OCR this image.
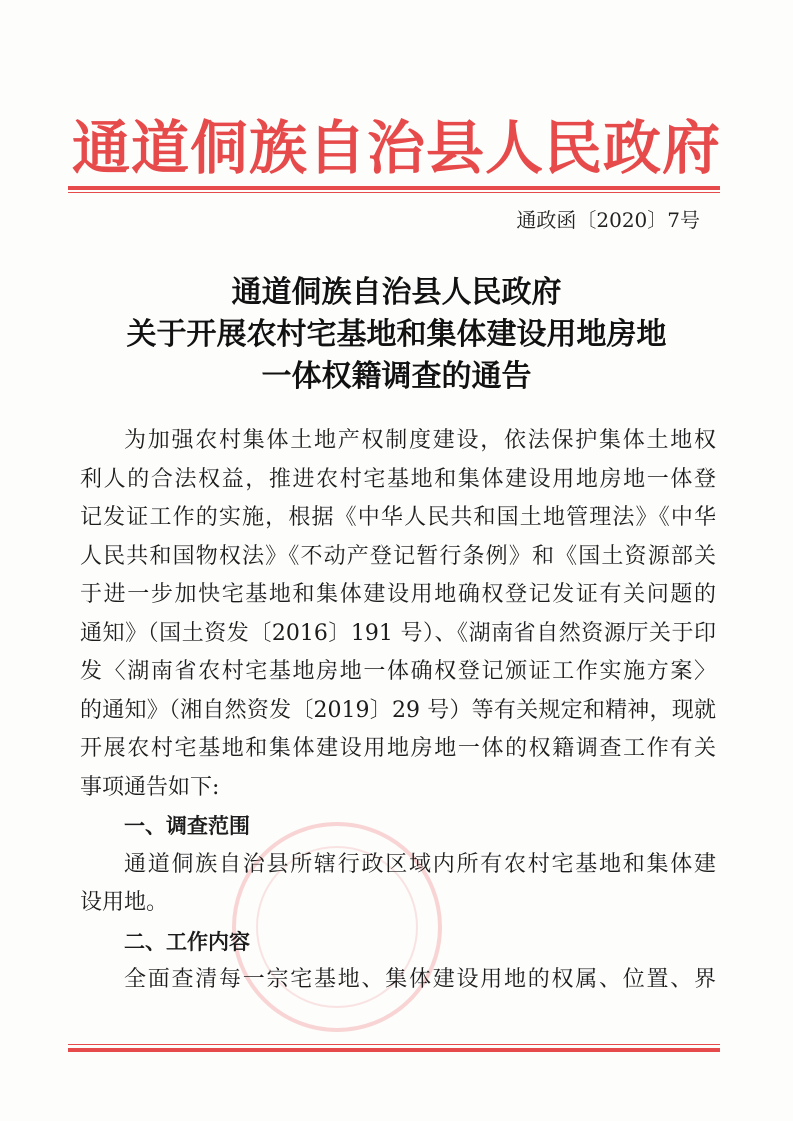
通道侗族自治县人民政府
通政函〔2020〕7号
通道侗族自治县人民政府
关于开展农村宅基地和集体建设用地房地
一体权籍调查的通告
为加强农村集体土地产权制度建设，依法保护集体土地权
利人的合法权益，推进农村宅基地和集体建设用地房地一体登
记发证工作的实施，根据《中华人民共和国土地管理法》《中华
人民共和国物权法》《不动产登记暂行条例》和《国土资源部关
于进一步加快宅基地和集体建设用地确权登记发证有关问题的
通知》（国土资发〔2016〕191 号）、《湖南省自然资源厅关于印
发〈湖南省农村宅基地房地一体确权登记颁证工作实施方案〉
的通知》（湘自然资发〔2019〕29 号）等有关规定和精神，现就
开展农村宅基地和集体建设用地房地一体的权籍调查工作有关
事项通告如下:
一、调查范围
通道侗族自治县所辖行政区域内所有农村宅基地和集体建
设用地。
二、工作内容
全面查清每一宗宅基地、集体建设用地的权属、位置、界
